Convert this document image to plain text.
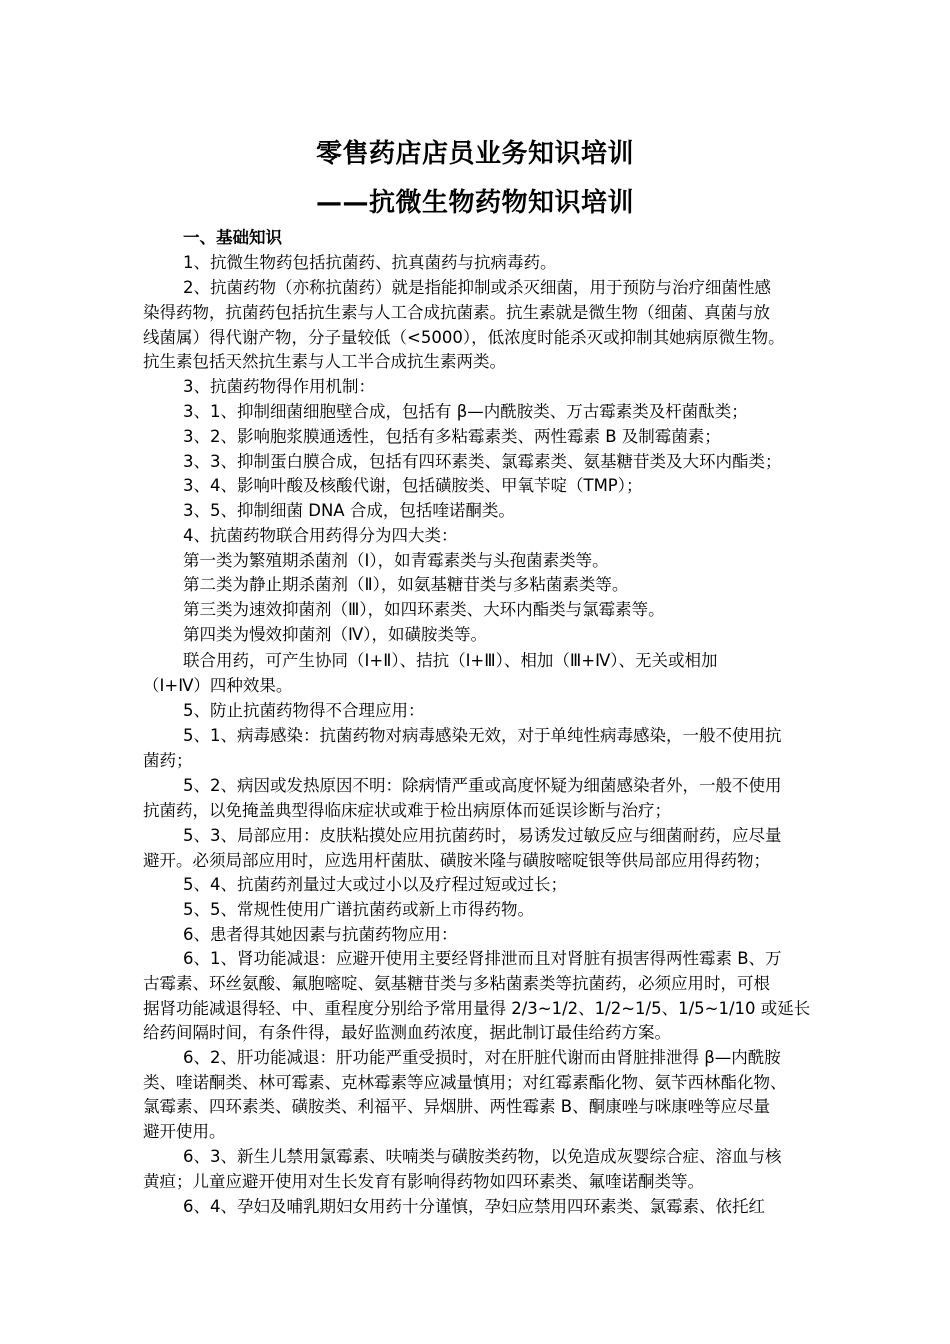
零售药店店员业务知识培训
——抗微生物药物知识培训
一、基础知识
1、抗微生物药包括抗菌药、抗真菌药与抗病毒药。
2、抗菌药物（亦称抗菌药）就是指能抑制或杀灭细菌，用于预防与治疗细菌性感
染得药物，抗菌药包括抗生素与人工合成抗菌素。抗生素就是微生物（细菌、真菌与放
线菌属）得代谢产物，分子量较低（<5000），低浓度时能杀灭或抑制其她病原微生物。
抗生素包括天然抗生素与人工半合成抗生素两类。
3、抗菌药物得作用机制：
3、1、抑制细菌细胞壁合成，包括有 β—内酰胺类、万古霉素类及杆菌酞类；
3、2、影响胞浆膜通透性，包括有多粘霉素类、两性霉素 B 及制霉菌素；
3、3、抑制蛋白膜合成，包括有四环素类、氯霉素类、氨基糖苷类及大环内酯类；
3、4、影响叶酸及核酸代谢，包括磺胺类、甲氧苄啶（TMP）；
3、5、抑制细菌 DNA 合成，包括喹诺酮类。
4、抗菌药物联合用药得分为四大类：
第一类为繁殖期杀菌剂（Ⅰ），如青霉素类与头孢菌素类等。
第二类为静止期杀菌剂（Ⅱ），如氨基糖苷类与多粘菌素类等。
第三类为速效抑菌剂（Ⅲ），如四环素类、大环内酯类与氯霉素等。
第四类为慢效抑菌剂（Ⅳ），如磺胺类等。
联合用药，可产生协同（Ⅰ+Ⅱ）、拮抗（Ⅰ+Ⅲ）、相加（Ⅲ+Ⅳ）、无关或相加
（Ⅰ+Ⅳ）四种效果。
5、防止抗菌药物得不合理应用：
5、1、病毒感染：抗菌药物对病毒感染无效，对于单纯性病毒感染，一般不使用抗
菌药；
5、2、病因或发热原因不明：除病情严重或高度怀疑为细菌感染者外，一般不使用
抗菌药，以免掩盖典型得临床症状或难于检出病原体而延误诊断与治疗；
5、3、局部应用：皮肤粘摸处应用抗菌药时，易诱发过敏反应与细菌耐药，应尽量
避开。必须局部应用时，应选用杆菌肽、磺胺米隆与磺胺嘧啶银等供局部应用得药物；
5、4、抗菌药剂量过大或过小以及疗程过短或过长；
5、5、常规性使用广谱抗菌药或新上市得药物。
6、患者得其她因素与抗菌药物应用：
6、1、肾功能减退：应避开使用主要经肾排泄而且对肾脏有损害得两性霉素 B、万
古霉素、环丝氨酸、氟胞嘧啶、氨基糖苷类与多粘菌素类等抗菌药，必须应用时，可根
据肾功能减退得轻、中、重程度分别给予常用量得 2/3~1/2、1/2~1/5、1/5~1/10 或延长
给药间隔时间，有条件得，最好监测血药浓度，据此制订最佳给药方案。
6、2、肝功能减退：肝功能严重受损时，对在肝脏代谢而由肾脏排泄得 β—内酰胺
类、喹诺酮类、林可霉素、克林霉素等应减量慎用；对红霉素酯化物、氨苄西林酯化物、
氯霉素、四环素类、磺胺类、利福平、异烟肼、两性霉素 B、酮康唑与咪康唑等应尽量
避开使用。
6、3、新生儿禁用氯霉素、呋喃类与磺胺类药物，以免造成灰婴综合症、溶血与核
黄疸；儿童应避开使用对生长发育有影响得药物如四环素类、氟喹诺酮类等。
6、4、孕妇及哺乳期妇女用药十分谨慎，孕妇应禁用四环素类、氯霉素、依托红
